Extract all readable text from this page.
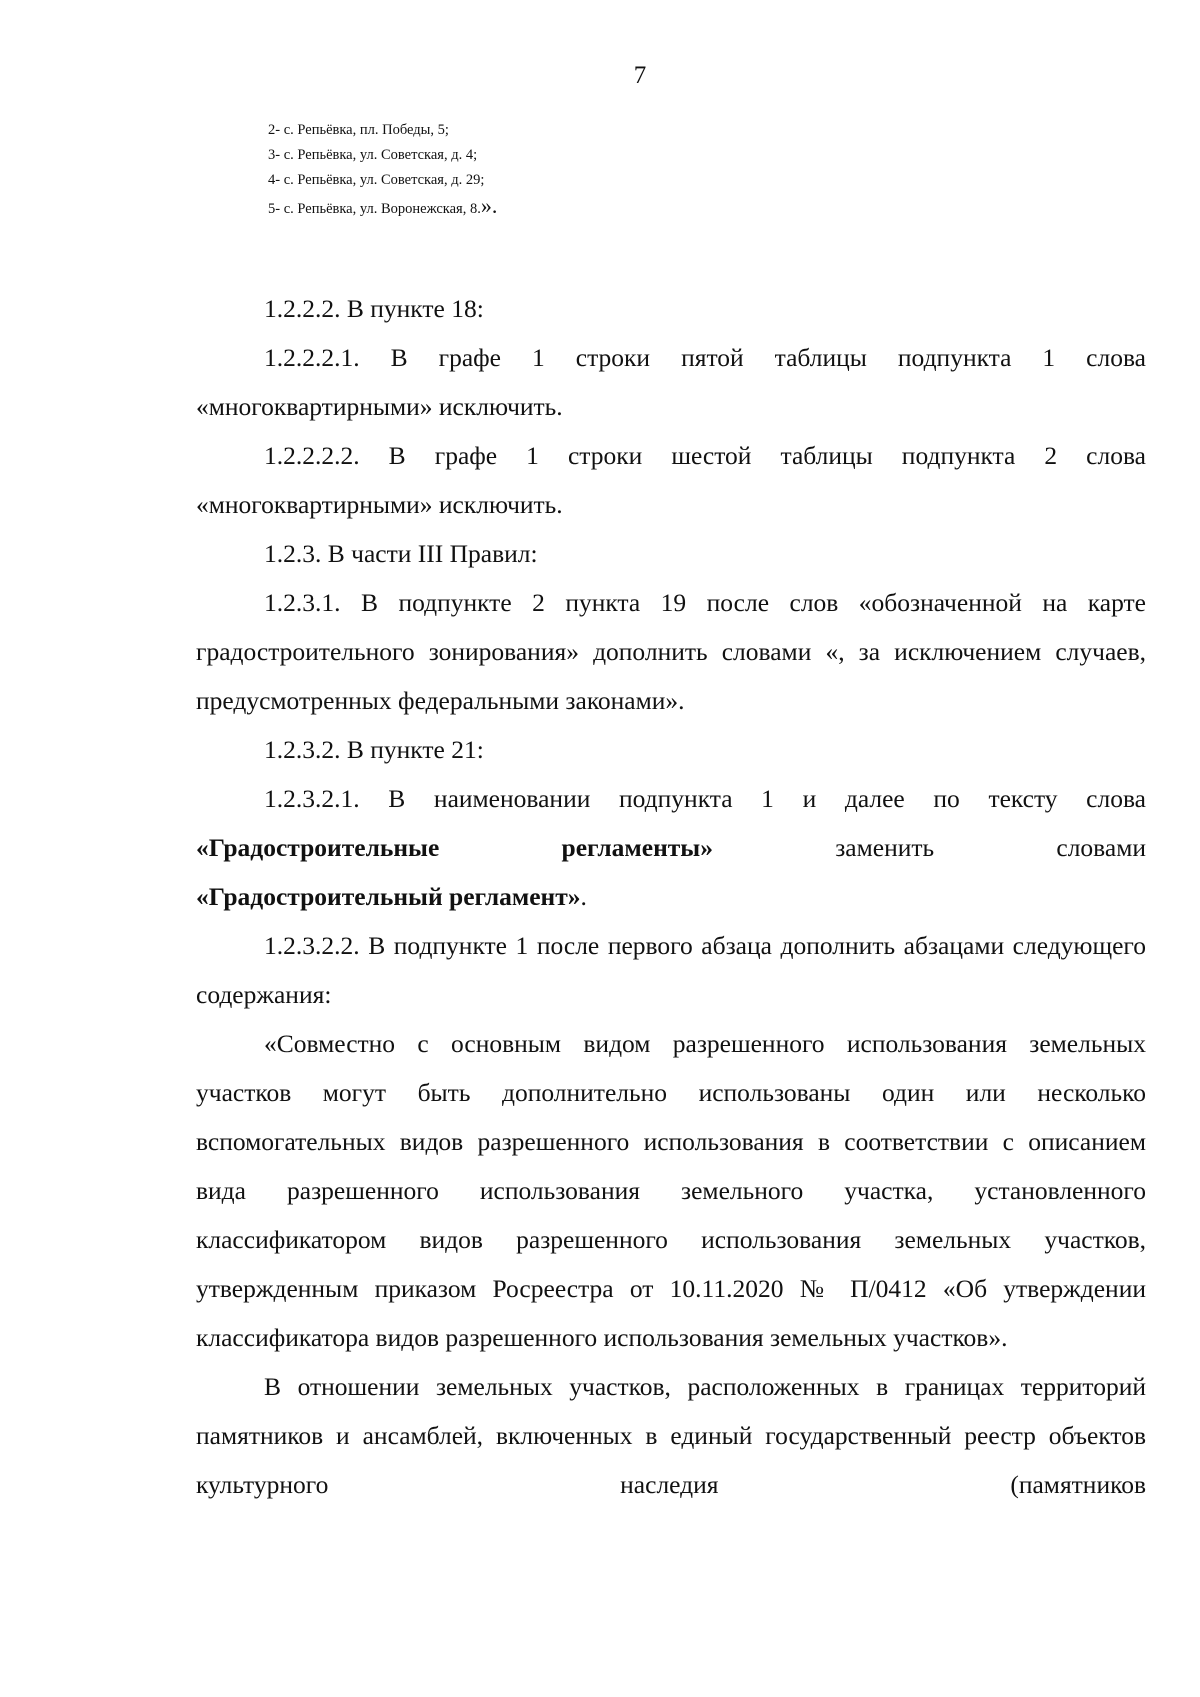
7
2- с. Репьёвка, пл. Победы, 5;
3- с. Репьёвка, ул. Советская, д. 4;
4- с. Репьёвка, ул. Советская, д. 29;
5- с. Репьёвка, ул. Воронежская, 8.».

1.2.2.2. В пункте 18:

1.2.2.2.1. В графе 1 строки пятой таблицы подпункта 1 слова «многоквартирными» исключить.

1.2.2.2.2. В графе 1 строки шестой таблицы подпункта 2 слова «многоквартирными» исключить.

1.2.3. В части III Правил:

1.2.3.1. В подпункте 2 пункта 19 после слов «обозначенной на карте градостроительного зонирования» дополнить словами «, за исключением случаев, предусмотренных федеральными законами».

1.2.3.2. В пункте 21:

1.2.3.2.1. В наименовании подпункта 1 и далее по тексту слова

«Градостроительные регламенты»	заменить словами

«Градостроительный регламент».

1.2.3.2.2. В подпункте 1 после первого абзаца дополнить абзацами следующего содержания:

«Совместно с основным видом разрешенного использования земельных участков могут быть дополнительно использованы один или несколько вспомогательных видов разрешенного использования в соответствии с описанием вида разрешенного использования земельного участка, установленного классификатором видов разрешенного использования земельных участков, утвержденным приказом Росреестра от 10.11.2020 № П/0412 «Об утверждении классификатора видов разрешенного использования земельных участков».

В отношении земельных участков, расположенных в границах территорий памятников и ансамблей, включенных в единый государственный реестр объектов культурного наследия (памятников
